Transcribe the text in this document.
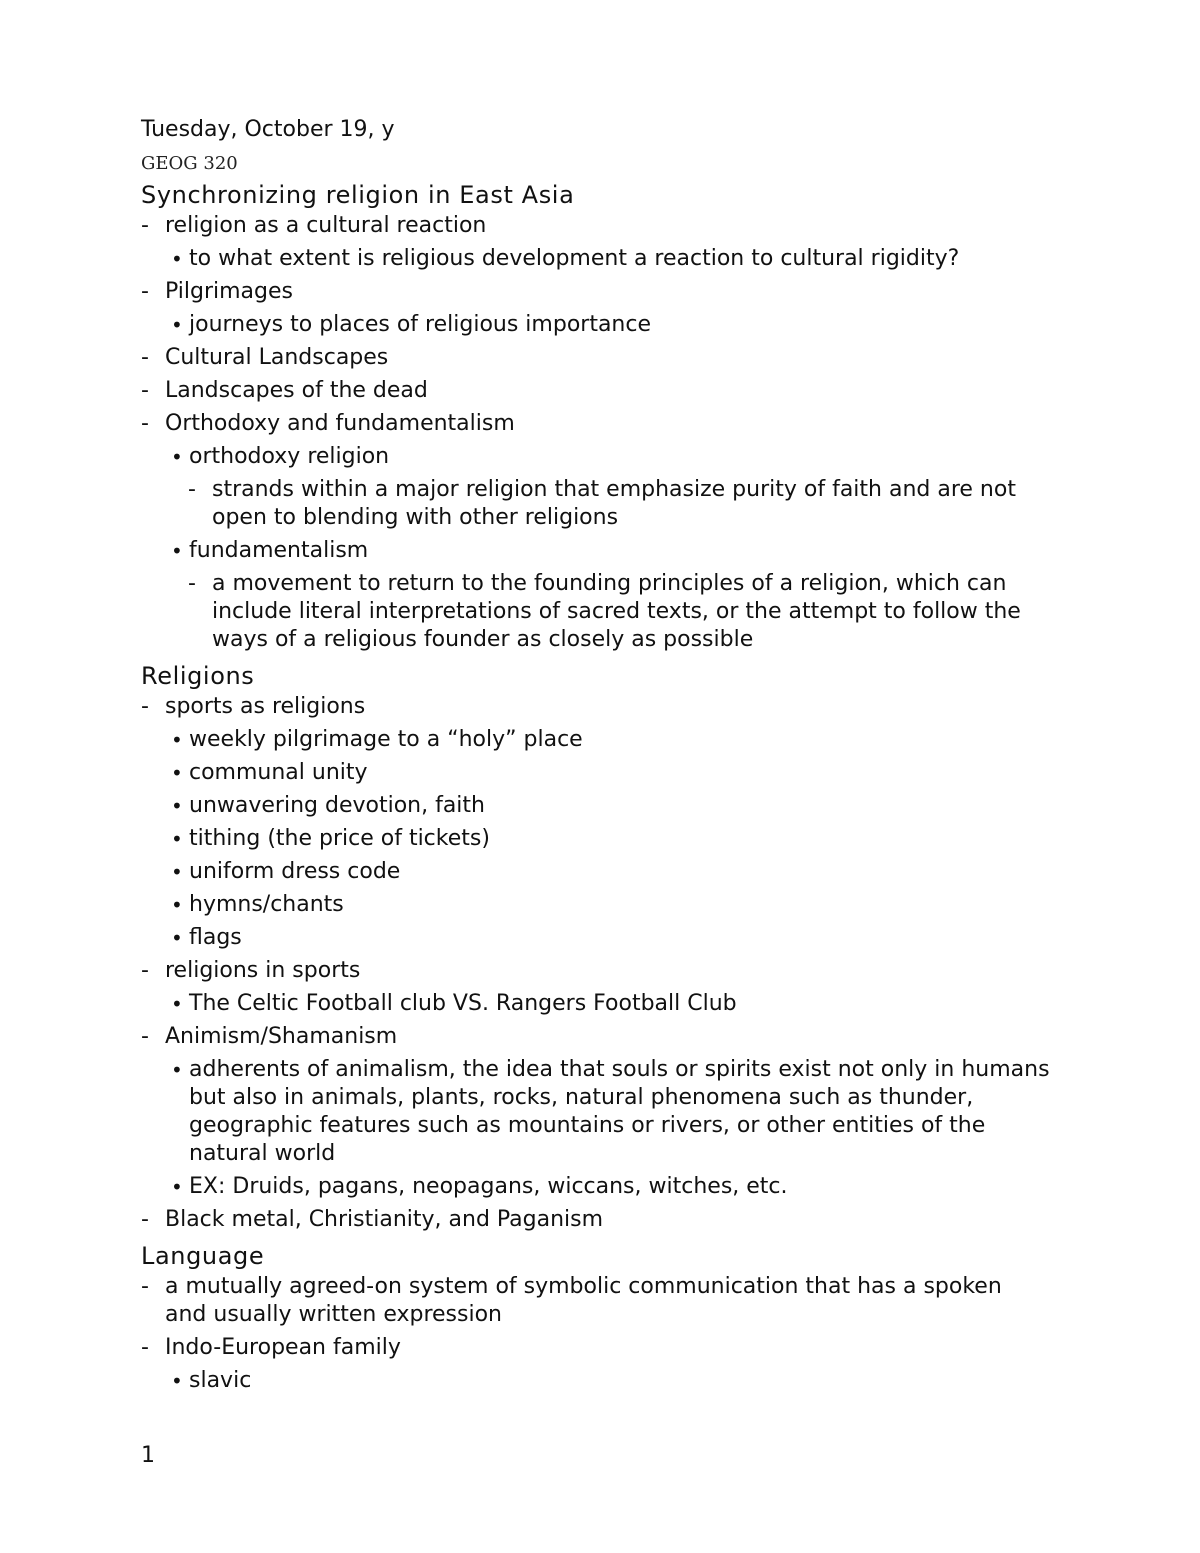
Tuesday, October 19, y

GEOG 320
Synchronizing religion in East Asia
- religion as a cultural reaction
• to what extent is religious development a reaction to cultural rigidity?
- Pilgrimages
• journeys to places of religious importance
- Cultural Landscapes
- Landscapes of the dead
- Orthodoxy and fundamentalism
• orthodoxy religion
- strands within a major religion that emphasize purity of faith and are not open to blending with other religions
• fundamentalism
- a movement to return to the founding principles of a religion, which can include literal interpretations of sacred texts, or the attempt to follow the ways of a religious founder as closely as possible
Religions
- sports as religions
• weekly pilgrimage to a “holy” place
• communal unity
• unwavering devotion, faith
• tithing (the price of tickets)
• uniform dress code
• hymns/chants
• flags
- religions in sports
• The Celtic Football club VS. Rangers Football Club
- Animism/Shamanism
• adherents of animalism, the idea that souls or spirits exist not only in humans but also in animals, plants, rocks, natural phenomena such as thunder, geographic features such as mountains or rivers, or other entities of the natural world
• EX: Druids, pagans, neopagans, wiccans, witches, etc.
- Black metal, Christianity, and Paganism
Language
- a mutually agreed-on system of symbolic communication that has a spoken and usually written expression
- Indo-European family
• slavic
1
